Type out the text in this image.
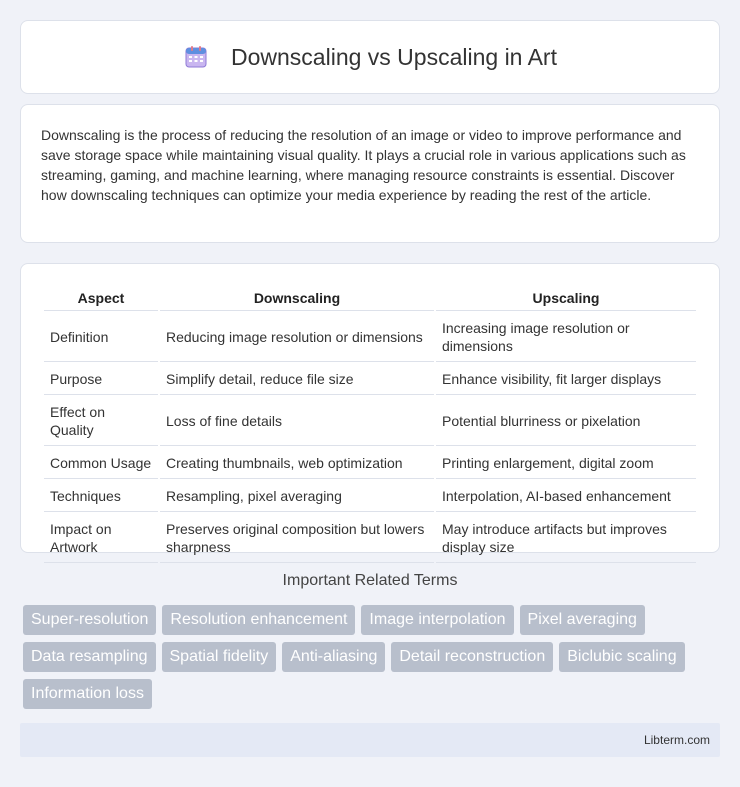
Downscaling vs Upscaling in Art

Downscaling is the process of reducing the resolution of an image or video to improve performance and save storage space while maintaining visual quality. It plays a crucial role in various applications such as streaming, gaming, and machine learning, where managing resource constraints is essential. Discover how downscaling techniques can optimize your media experience by reading the rest of the article.

Aspect	Downscaling	Upscaling
Definition	Reducing image resolution or dimensions	Increasing image resolution or dimensions
Purpose	Simplify detail, reduce file size	Enhance visibility, fit larger displays
Effect on Quality	Loss of fine details	Potential blurriness or pixelation
Common Usage	Creating thumbnails, web optimization	Printing enlargement, digital zoom
Techniques	Resampling, pixel averaging	Interpolation, AI-based enhancement
Impact on Artwork	Preserves original composition but lowers sharpness	May introduce artifacts but improves display size
Important Related Terms
Super-resolution	Resolution enhancement	Image interpolation	Pixel averaging
Data resampling	Spatial fidelity	Anti-aliasing	Detail reconstruction	Biclubic scaling
Information loss
Libterm.com
